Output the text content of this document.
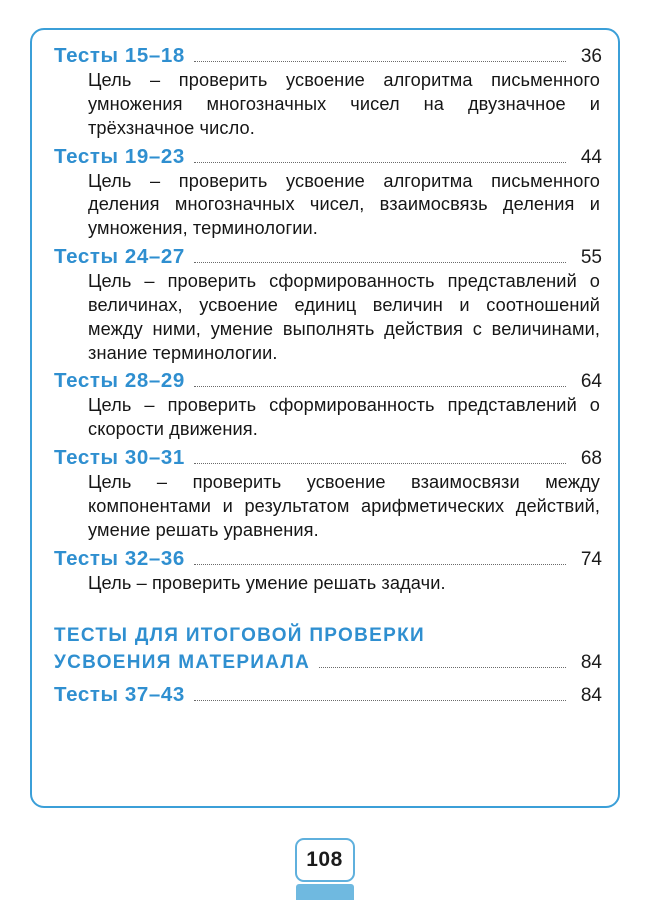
Тесты 15–18	36
Цель – проверить усвоение алгоритма письменного умножения многозначных чисел на двузначное и трёхзначное число.
Тесты 19–23	44
Цель – проверить усвоение алгоритма письменного деления многозначных чисел, взаимосвязь деления и умножения, терминологии.
Тесты 24–27	55
Цель – проверить сформированность представлений о величинах, усвоение единиц величин и соотношений между ними, умение выполнять действия с величинами, знание терминологии.
Тесты 28–29	64
Цель – проверить сформированность представлений о скорости движения.
Тесты 30–31	68
Цель – проверить усвоение взаимосвязи между компонентами и результатом арифметических действий, умение решать уравнения.
Тесты 32–36	74
Цель – проверить умение решать задачи.
ТЕСТЫ ДЛЯ ИТОГОВОЙ ПРОВЕРКИ
УСВОЕНИЯ МАТЕРИАЛА	84
Тесты 37–43	84
108
